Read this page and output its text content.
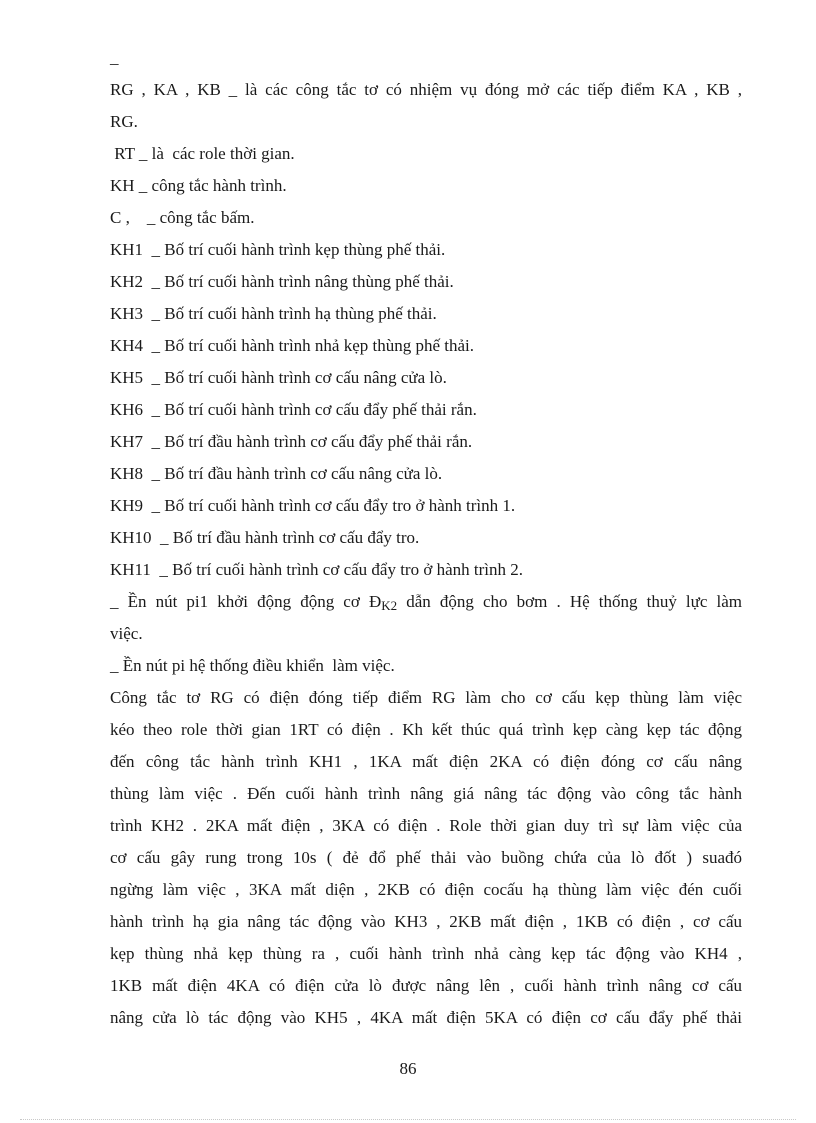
_
RG , KA , KB _ là các công tắc tơ có nhiệm vụ đóng mở các tiếp điểm KA , KB ,
RG.
RT _ là  các role thời gian.
KH _ công tắc hành trình.
C ,    _ công tắc bấm.
KH1  _ Bố trí cuối hành trình kẹp thùng phế thải.
KH2  _ Bố trí cuối hành trình nâng thùng phế thải.
KH3  _ Bố trí cuối hành trình hạ thùng phế thải.
KH4  _ Bố trí cuối hành trình nhả kẹp thùng phế thải.
KH5  _ Bố trí cuối hành trình cơ cấu nâng cửa lò.
KH6  _ Bố trí cuối hành trình cơ cấu đẩy phế thải rắn.
KH7  _ Bố trí đầu hành trình cơ cấu đẩy phế thải rắn.
KH8  _ Bố trí đầu hành trình cơ cấu nâng cửa lò.
KH9  _ Bố trí cuối hành trình cơ cấu đẩy tro ở hành trình 1.
KH10  _ Bố trí đầu hành trình cơ cấu đẩy tro.
KH11  _ Bố trí cuối hành trình cơ cấu đẩy tro ở hành trình 2.
_ Ền nút pi1 khởi động động cơ $Đ_{K2}$ dẫn động cho bơm . Hệ thống thuỷ lực làm
việc.
_ Ền nút pi hệ thống điều khiển  làm việc.
Công tắc tơ RG có điện đóng tiếp điểm RG làm cho cơ cấu kẹp thùng làm việc
kéo theo role thời gian 1RT có điện . Kh kết thúc quá trình kẹp càng kẹp tác động
đến công tắc hành trình KH1 , 1KA mất điện 2KA có điện đóng cơ cấu nâng
thùng làm việc . Đến cuối hành trình nâng giá nâng tác động vào công tắc hành
trình KH2 . 2KA mất điện , 3KA có điện . Role thời gian duy trì sự làm việc của
cơ cấu gây rung trong 10s ( đẻ đổ phế thải vào buồng chứa của lò đốt ) suađó
ngừng làm việc , 3KA mất diện , 2KB có điện cocấu hạ thùng làm việc đén cuối
hành trình hạ gia nâng tác động vào KH3 , 2KB mất điện , 1KB có điện , cơ cấu
kẹp thùng nhả kẹp thùng ra , cuối hành trình nhả càng kẹp tác động vào KH4 ,
1KB mất điện 4KA có điện cửa lò được nâng lên , cuối hành trình nâng cơ cấu
nâng cửa lò tác động vào KH5 , 4KA mất điện 5KA có điện cơ cấu đẩy phế thải
86
